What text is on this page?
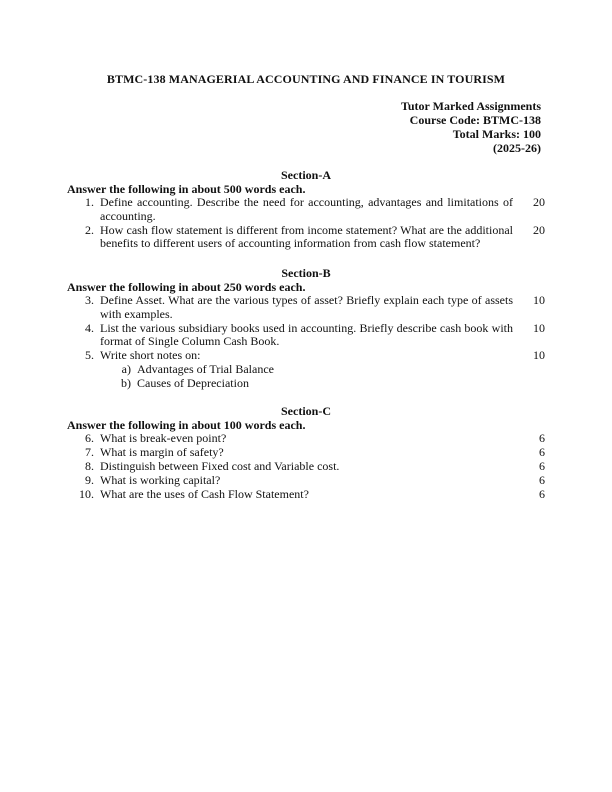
BTMC-138 MANAGERIAL ACCOUNTING AND FINANCE IN TOURISM
Tutor Marked Assignments
Course Code: BTMC-138
Total Marks: 100
(2025-26)
Section-A
Answer the following in about 500 words each.
1. Define accounting. Describe the need for accounting, advantages and limitations of accounting.
20
2. How cash flow statement is different from income statement? What are the additional benefits to different users of accounting information from cash flow statement?
20
Section-B
Answer the following in about 250 words each.
3. Define Asset. What are the various types of asset? Briefly explain each type of assets with examples.
10
4. List the various subsidiary books used in accounting. Briefly describe cash book with format of Single Column Cash Book.
10
5. Write short notes on:	10
a) Advantages of Trial Balance
b) Causes of Depreciation
Section-C
Answer the following in about 100 words each.
6. What is break-even point?	6
7. What is margin of safety?	6
8. Distinguish between Fixed cost and Variable cost.	6
9. What is working capital?	6
10. What are the uses of Cash Flow Statement?	6
